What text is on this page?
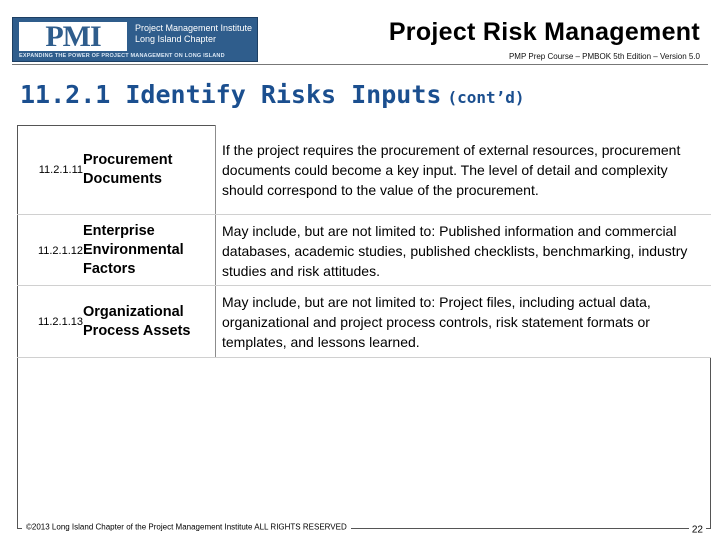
PMI	Project Management Institute
Long Island Chapter
EXPANDING THE POWER OF PROJECT MANAGEMENT ON LONG ISLAND
Project Risk Management
PMP Prep Course – PMBOK 5th Edition – Version 5.0
11.2.1 Identify Risks Inputs (cont’d)
11.2.1.11
Procurement Documents
If the project requires the procurement of external resources, procurement documents could become a key input. The level of detail and complexity should correspond to the value of the procurement.
11.2.1.12
Enterprise Environmental Factors
May include, but are not limited to: Published information and commercial databases, academic studies, published checklists, benchmarking, industry studies and risk attitudes.
11.2.1.13
Organizational Process Assets
May include, but are not limited to: Project files, including actual data, organizational and project process controls, risk statement formats or templates, and lessons learned.
©2013 Long Island Chapter of the Project Management Institute ALL RIGHTS RESERVED	22
